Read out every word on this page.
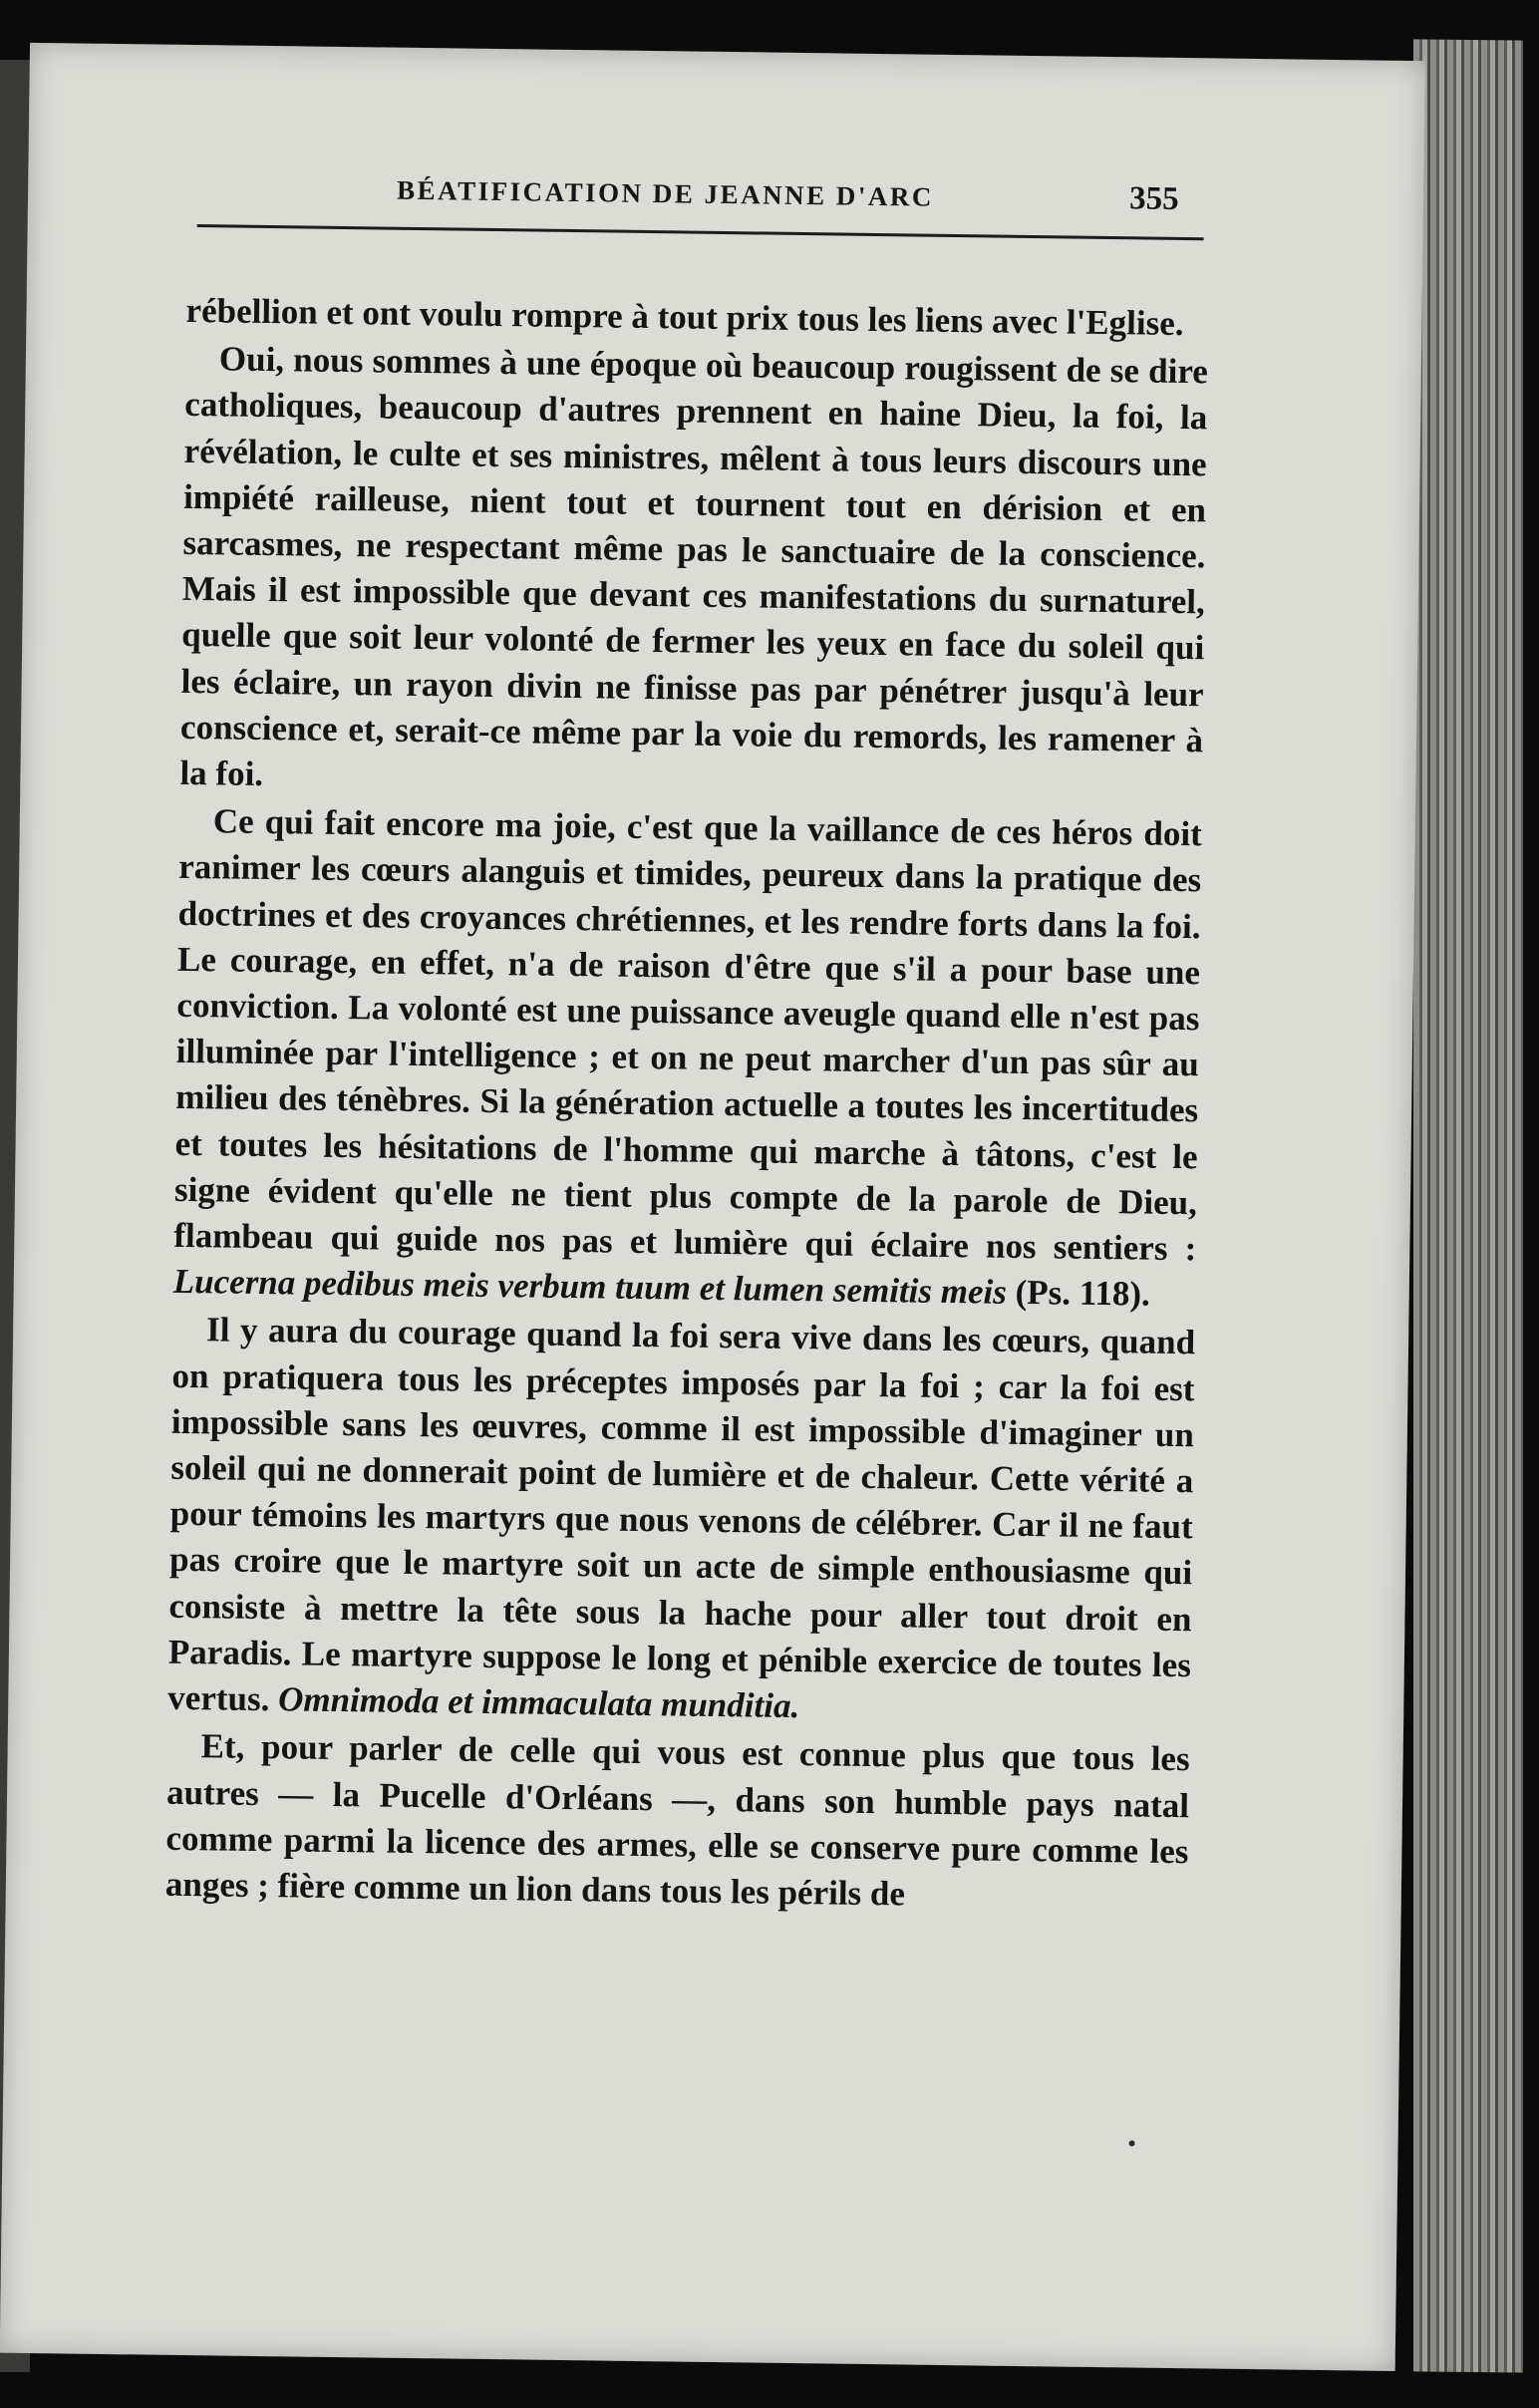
BÉATIFICATION DE JEANNE D'ARC	355

rébellion et ont voulu rompre à tout prix tous les liens avec l'Eglise.

Oui, nous sommes à une époque où beaucoup rougissent de se dire catholiques, beaucoup d'autres prennent en haine Dieu, la foi, la révélation, le culte et ses ministres, mêlent à tous leurs discours une impiété railleuse, nient tout et tournent tout en dérision et en sarcasmes, ne respectant même pas le sanctuaire de la conscience. Mais il est impossible que devant ces manifestations du surnaturel, quelle que soit leur volonté de fermer les yeux en face du soleil qui les éclaire, un rayon divin ne finisse pas par pénétrer jusqu'à leur conscience et, serait-ce même par la voie du remords, les ramener à la foi.

Ce qui fait encore ma joie, c'est que la vaillance de ces héros doit ranimer les cœurs alanguis et timides, peureux dans la pratique des doctrines et des croyances chrétiennes, et les rendre forts dans la foi. Le courage, en effet, n'a de raison d'être que s'il a pour base une conviction. La volonté est une puissance aveugle quand elle n'est pas illuminée par l'intelligence ; et on ne peut marcher d'un pas sûr au milieu des ténèbres. Si la génération actuelle a toutes les incertitudes et toutes les hésitations de l'homme qui marche à tâtons, c'est le signe évident qu'elle ne tient plus compte de la parole de Dieu, flambeau qui guide nos pas et lumière qui éclaire nos sentiers : Lucerna pedibus meis verbum tuum et lumen semitis meis (Ps. 118).

Il y aura du courage quand la foi sera vive dans les cœurs, quand on pratiquera tous les préceptes imposés par la foi ; car la foi est impossible sans les œuvres, comme il est impossible d'imaginer un soleil qui ne donnerait point de lumière et de chaleur. Cette vérité a pour témoins les martyrs que nous venons de célébrer. Car il ne faut pas croire que le martyre soit un acte de simple enthousiasme qui consiste à mettre la tête sous la hache pour aller tout droit en Paradis. Le martyre suppose le long et pénible exercice de toutes les vertus. Omnimoda et immaculata munditia.

Et, pour parler de celle qui vous est connue plus que tous les autres — la Pucelle d'Orléans —, dans son humble pays natal comme parmi la licence des armes, elle se conserve pure comme les anges ; fière comme un lion dans tous les périls de
